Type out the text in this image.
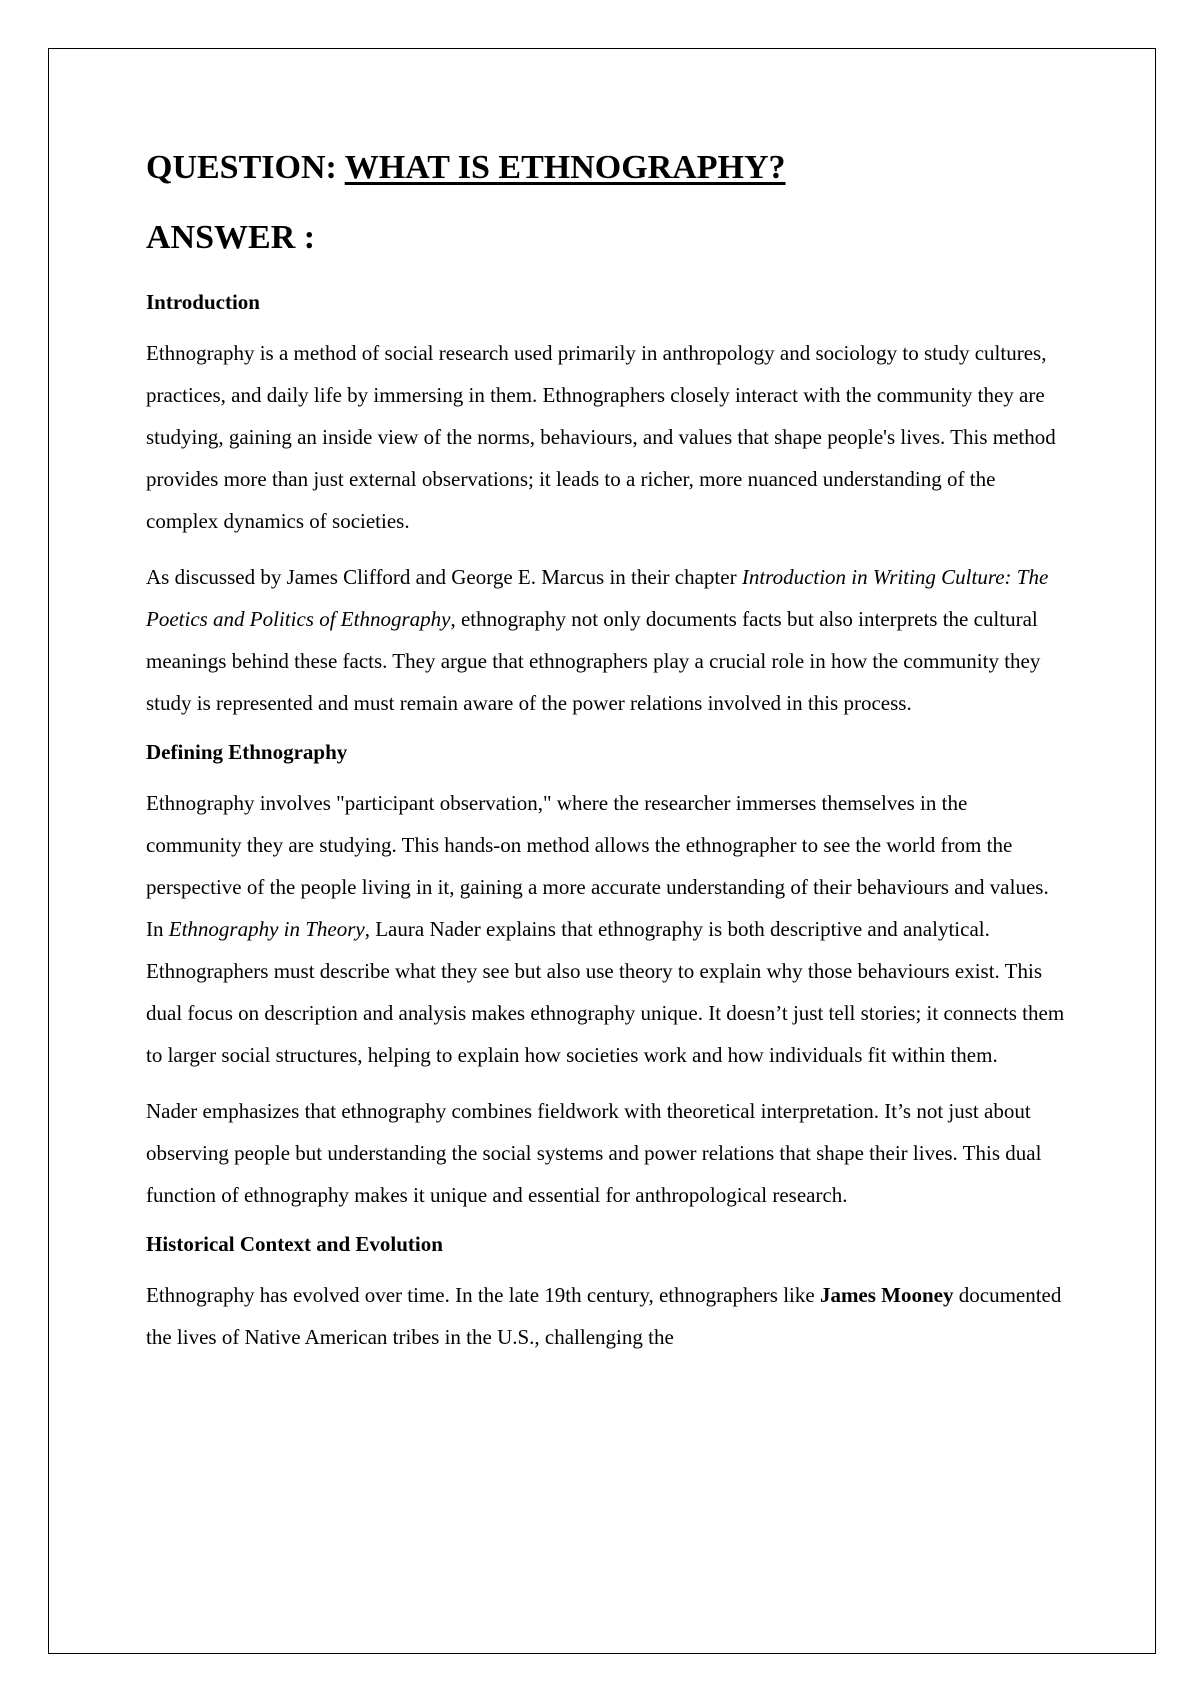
QUESTION: WHAT IS ETHNOGRAPHY?
ANSWER :
Introduction

Ethnography is a method of social research used primarily in anthropology and sociology to study cultures, practices, and daily life by immersing in them. Ethnographers closely interact with the community they are studying, gaining an inside view of the norms, behaviours, and values that shape people's lives. This method provides more than just external observations; it leads to a richer, more nuanced understanding of the complex dynamics of societies.

As discussed by James Clifford and George E. Marcus in their chapter Introduction in Writing Culture: The Poetics and Politics of Ethnography, ethnography not only documents facts but also interprets the cultural meanings behind these facts. They argue that ethnographers play a crucial role in how the community they study is represented and must remain aware of the power relations involved in this process.

Defining Ethnography

Ethnography involves "participant observation," where the researcher immerses themselves in the community they are studying. This hands-on method allows the ethnographer to see the world from the perspective of the people living in it, gaining a more accurate understanding of their behaviours and values. In Ethnography in Theory, Laura Nader explains that ethnography is both descriptive and analytical. Ethnographers must describe what they see but also use theory to explain why those behaviours exist. This dual focus on description and analysis makes ethnography unique. It doesn’t just tell stories; it connects them to larger social structures, helping to explain how societies work and how individuals fit within them.

Nader emphasizes that ethnography combines fieldwork with theoretical interpretation. It’s not just about observing people but understanding the social systems and power relations that shape their lives. This dual function of ethnography makes it unique and essential for anthropological research.

Historical Context and Evolution

Ethnography has evolved over time. In the late 19th century, ethnographers like James Mooney documented the lives of Native American tribes in the U.S., challenging the
